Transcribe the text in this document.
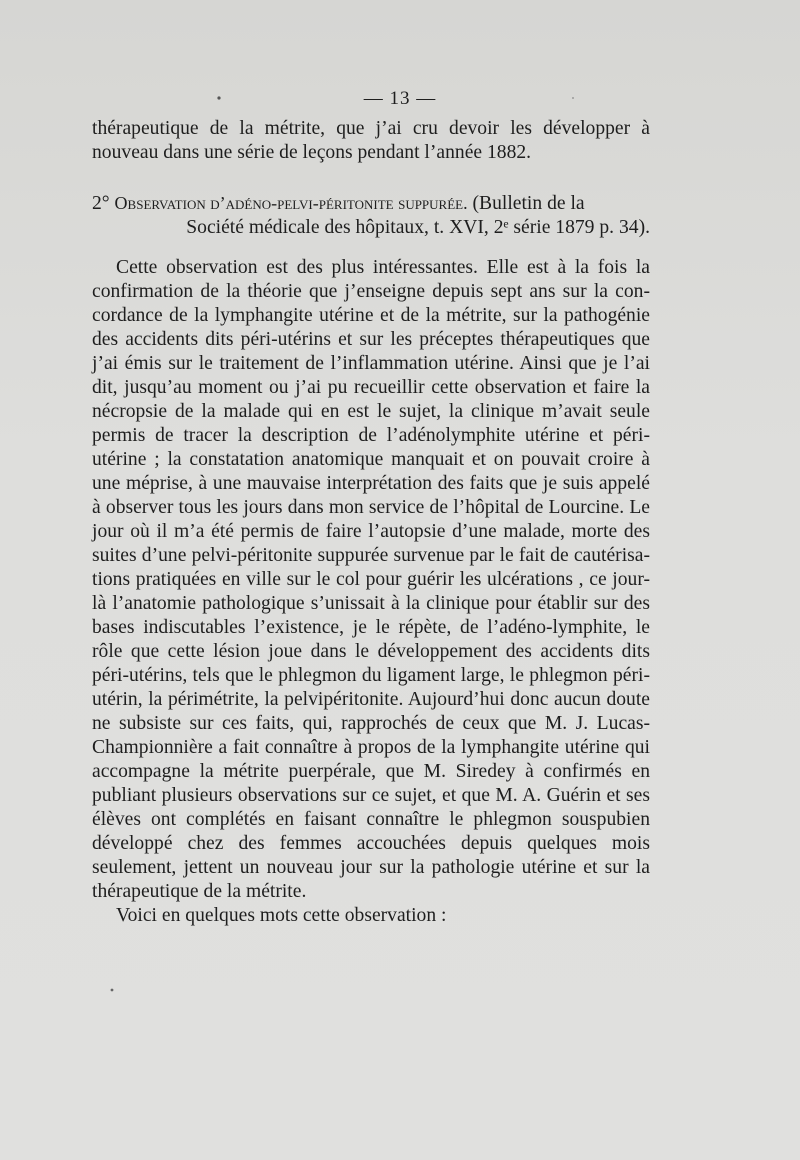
— 13 —

thérapeutique de la métrite, que j’ai cru devoir les développer à nouveau dans une série de leçons pendant l’année 1882.

2° Observation d’adéno-pelvi-péritonite suppurée. (Bulletin de la
Société médicale des hôpitaux, t. XVI, 2ᵉ série 1879 p. 34).

Cette observation est des plus intéressantes. Elle est à la fois la confirmation de la théorie que j’enseigne depuis sept ans sur la concordance de la lymphangite utérine et de la métrite, sur la pathogénie des accidents dits péri-utérins et sur les préceptes thérapeutiques que j’ai émis sur le traitement de l’inflammation utérine. Ainsi que je l’ai dit, jusqu’au moment ou j’ai pu recueillir cette observation et faire la nécropsie de la malade qui en est le sujet, la clinique m’avait seule permis de tracer la description de l’adénolymphite utérine et péri-utérine ; la constatation anatomique manquait et on pouvait croire à une méprise, à une mauvaise interprétation des faits que je suis appelé à observer tous les jours dans mon service de l’hôpital de Lourcine. Le jour où il m’a été permis de faire l’autopsie d’une malade, morte des suites d’une pelvi-péritonite suppurée survenue par le fait de cautérisations pratiquées en ville sur le col pour guérir les ulcérations , ce jour-là l’anatomie pathologique s’unissait à la clinique pour établir sur des bases indiscutables l’existence, je le répète, de l’adéno-lymphite, le rôle que cette lésion joue dans le développement des accidents dits péri-utérins, tels que le phlegmon du ligament large, le phlegmon péri-utérin, la périmétrite, la pelvipéritonite. Aujourd’hui donc aucun doute ne subsiste sur ces faits, qui, rapprochés de ceux que M. J. Lucas-Championnière a fait connaître à propos de la lymphangite utérine qui accompagne la métrite puerpérale, que M. Siredey à confirmés en publiant plusieurs observations sur ce sujet, et que M. A. Guérin et ses élèves ont complétés en faisant connaître le phlegmon souspubien développé chez des femmes accouchées depuis quelques mois seulement, jettent un nouveau jour sur la pathologie utérine et sur la thérapeutique de la métrite.

Voici en quelques mots cette observation :
